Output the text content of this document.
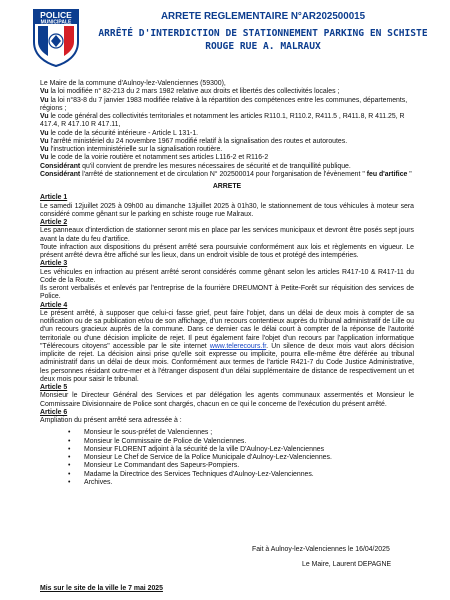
POLICE
MUNICIPALE
ARRETE REGLEMENTAIRE N°AR202500015
ARRÊTÉ D'INTERDICTION DE STATIONNEMENT PARKING EN SCHISTE ROUGE RUE A. MALRAUX

Le Maire de la commune d'Aulnoy-lez-Valenciennes (59300),

Vu la loi modifiée n° 82-213 du 2 mars 1982 relative aux droits et libertés des collectivités locales ;

Vu la loi n°83-8 du 7 janvier 1983 modifiée relative à la répartition des compétences entre les communes, départements, régions ;

Vu le code général des collectivités territoriales et notamment les articles R110.1, R110.2, R411.5 , R411.8, R 411.25, R 417.4, R 417.10 R 417.11,

Vu le code de la sécurité intérieure - Article L 131-1.

Vu l'arrêté ministériel du 24 novembre 1967 modifié relatif à la signalisation des routes et autoroutes.

Vu l'instruction interministérielle sur la signalisation routière.

Vu le code de la voirie routière et notamment ses articles L116-2 et R116-2

Considérant qu'il convient de prendre les mesures nécessaires de sécurité et de tranquillité publique.

Considérant l'arrêté de stationnement et de circulation N° 202500014 pour l'organisation de l'évènement " feu d'artifice "

ARRETE

Article 1

Le samedi 12juillet 2025 à 09h00 au dimanche 13juillet 2025 à 01h30, le stationnement de tous véhicules à moteur sera considéré comme gênant sur le parking en schiste rouge rue Malraux.

Article 2

Les panneaux d'interdiction de stationner seront mis en place par les services municipaux et devront être posés sept jours avant la date du feu d'artifice.

Toute infraction aux dispositions du présent arrêté sera poursuivie conformément aux lois et règlements en vigueur. Le présent arrêté devra être affiché sur les lieux, dans un endroit visible de tous et protégé des intempéries.

Article 3

Les véhicules en infraction au présent arrêté seront considérés comme gênant selon les articles R417-10 & R417-11 du Code de la Route.

Ils seront verbalisés et enlevés par l'entreprise de la fourrière DREUMONT à Petite-Forêt sur réquisition des services de Police.

Article 4

Le présent arrêté, à supposer que celui-ci fasse grief, peut faire l'objet, dans un délai de deux mois à compter de sa notification ou de sa publication et/ou de son affichage, d'un recours contentieux auprès du tribunal administratif de Lille ou d'un recours gracieux auprès de la commune. Dans ce dernier cas le délai court à compter de la réponse de l'autorité territoriale ou d'une décision implicite de rejet. Il peut également faire l'objet d'un recours par l'application informatique "Télérecours citoyens" accessible par le site internet www.telerecours.fr. Un silence de deux mois vaut alors décision implicite de rejet. La décision ainsi prise qu'elle soit expresse ou implicite, pourra elle-même être déférée au tribunal administratif dans un délai de deux mois. Conformément aux termes de l'article R421-7 du Code Justice Administrative, les personnes résidant outre-mer et à l'étranger disposent d'un délai supplémentaire de distance de respectivement un et deux mois pour saisir le tribunal.

Article 5

Monsieur le Directeur Général des Services et par délégation les agents communaux assermentés et Monsieur le Commissaire Divisionnaire de Police sont chargés, chacun en ce qui le concerne de l'exécution du présent arrêté.

Article 6

Ampliation du présent arrêté sera adressée à :

• Monsieur le sous-préfet de Valenciennes ;
• Monsieur le Commissaire de Police de Valenciennes.
• Monsieur FLORENT adjoint à la sécurité de la ville D'Aulnoy-Lez-Valenciennes
• Monsieur Le Chef de Service de la Police Municipale d'Aulnoy-Lez-Valenciennes.
• Monsieur Le Commandant des Sapeurs-Pompiers.
• Madame la Directrice des Services Techniques d'Aulnoy-Lez-Valenciennes.
• Archives.
Fait à Aulnoy-lez-Valenciennes le 16/04/2025
Le Maire, Laurent DEPAGNE
Mis sur le site de la ville le 7 mai 2025
